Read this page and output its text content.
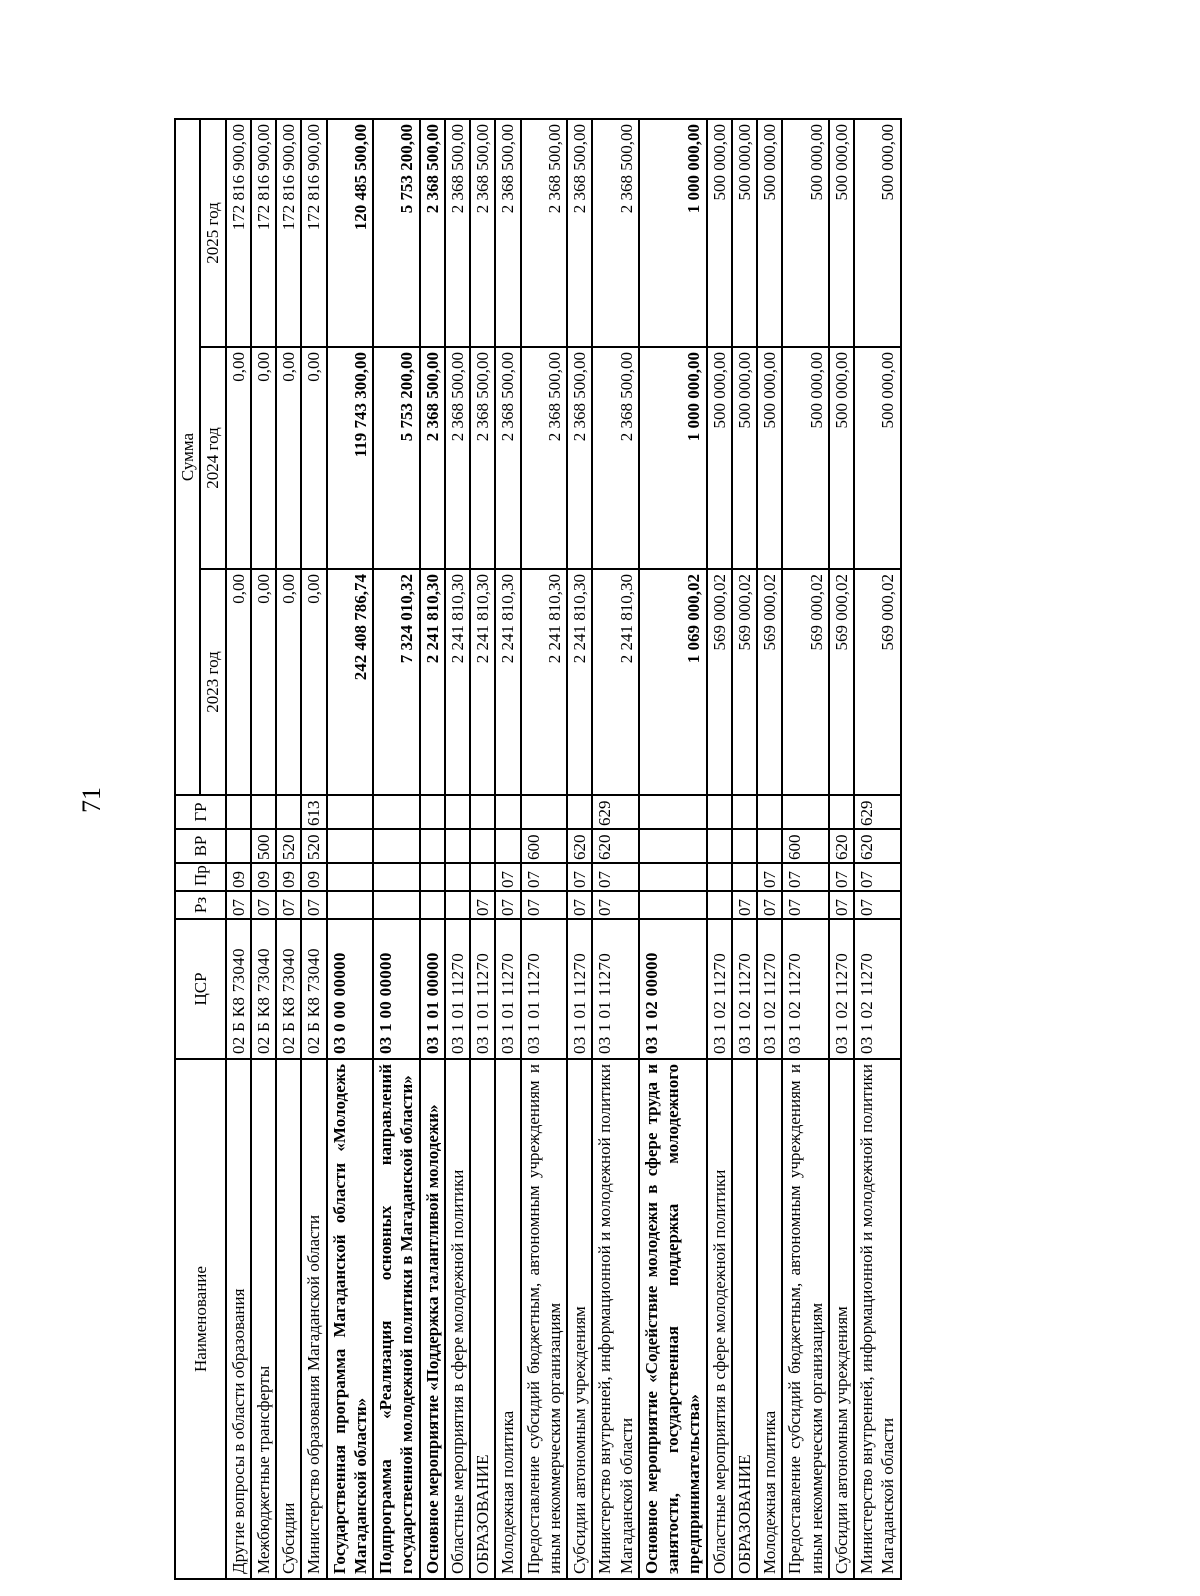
71
Наименование	ЦСР	Рз	Пр	ВР	ГР	Сумма		
						2023 год	2024 год	2025 год
Другие вопросы в области образования	02 Б К8 73040	07	09			0,00	0,00	172 816 900,00
Межбюджетные трансферты	02 Б К8 73040	07	09	500		0,00	0,00	172 816 900,00
Субсидии	02 Б К8 73040	07	09	520		0,00	0,00	172 816 900,00
Министерство образования Магаданской области	02 Б К8 73040	07	09	520	613	0,00	0,00	172 816 900,00
Государственная программа Магаданской области «Молодежь Магаданской области»	03 0 00 00000					242 408 786,74	119 743 300,00	120 485 500,00
Подпрограмма «Реализация основных направлений государственной молодежной политики в Магаданской области»	03 1 00 00000					7 324 010,32	5 753 200,00	5 753 200,00
Основное мероприятие «Поддержка талантливой молодежи»	03 1 01 00000					2 241 810,30	2 368 500,00	2 368 500,00
Областные мероприятия в сфере молодежной политики	03 1 01 11270					2 241 810,30	2 368 500,00	2 368 500,00
ОБРАЗОВАНИЕ	03 1 01 11270	07				2 241 810,30	2 368 500,00	2 368 500,00
Молодежная политика	03 1 01 11270	07	07			2 241 810,30	2 368 500,00	2 368 500,00
Предоставление субсидий бюджетным, автономным учреждениям и иным некоммерческим организациям	03 1 01 11270	07	07	600		2 241 810,30	2 368 500,00	2 368 500,00
Субсидии автономным учреждениям	03 1 01 11270	07	07	620		2 241 810,30	2 368 500,00	2 368 500,00
Министерство внутренней, информационной и молодежной политики Магаданской области	03 1 01 11270	07	07	620	629	2 241 810,30	2 368 500,00	2 368 500,00
Основное мероприятие «Содействие молодежи в сфере труда и занятости, государственная поддержка молодежного предпринимательства»	03 1 02 00000					1 069 000,02	1 000 000,00	1 000 000,00
Областные мероприятия в сфере молодежной политики	03 1 02 11270					569 000,02	500 000,00	500 000,00
ОБРАЗОВАНИЕ	03 1 02 11270	07				569 000,02	500 000,00	500 000,00
Молодежная политика	03 1 02 11270	07	07			569 000,02	500 000,00	500 000,00
Предоставление субсидий бюджетным, автономным учреждениям и иным некоммерческим организациям	03 1 02 11270	07	07	600		569 000,02	500 000,00	500 000,00
Субсидии автономным учреждениям	03 1 02 11270	07	07	620		569 000,02	500 000,00	500 000,00
Министерство внутренней, информационной и молодежной политики Магаданской области	03 1 02 11270	07	07	620	629	569 000,02	500 000,00	500 000,00
